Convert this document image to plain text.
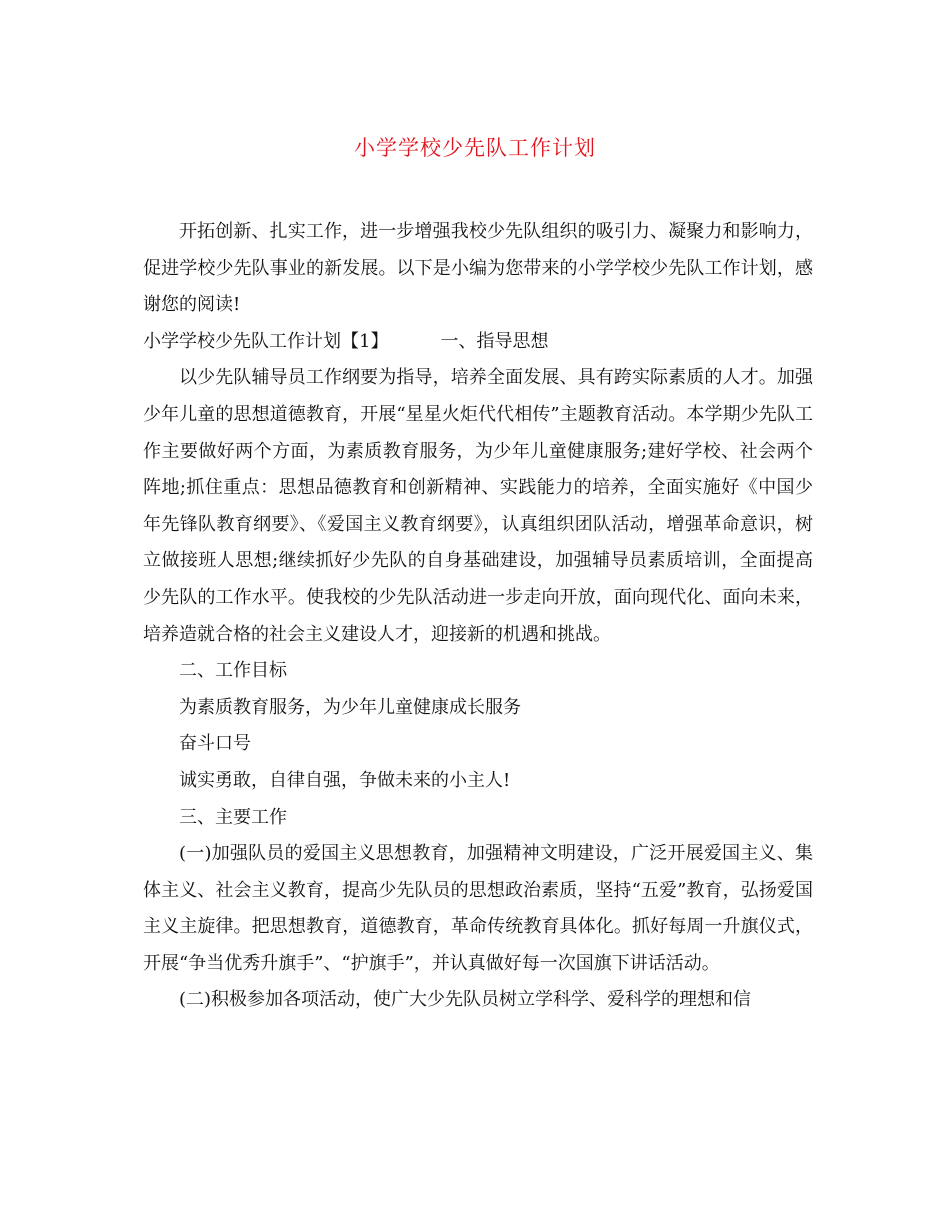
小学学校少先队工作计划

开拓创新、扎实工作，进一步增强我校少先队组织的吸引力、凝聚力和影响力，促进学校少先队事业的新发展。以下是小编为您带来的小学学校少先队工作计划，感谢您的阅读!

小学学校少先队工作计划【1】	一、指导思想

以少先队辅导员工作纲要为指导，培养全面发展、具有跨实际素质的人才。加强少年儿童的思想道德教育，开展“星星火炬代代相传”主题教育活动。本学期少先队工作主要做好两个方面，为素质教育服务，为少年儿童健康服务;建好学校、社会两个阵地;抓住重点：思想品德教育和创新精神、实践能力的培养，全面实施好《中国少年先锋队教育纲要》、《爱国主义教育纲要》，认真组织团队活动，增强革命意识，树立做接班人思想;继续抓好少先队的自身基础建设，加强辅导员素质培训，全面提高少先队的工作水平。使我校的少先队活动进一步走向开放，面向现代化、面向未来，培养造就合格的社会主义建设人才，迎接新的机遇和挑战。

二、工作目标

为素质教育服务，为少年儿童健康成长服务

奋斗口号

诚实勇敢，自律自强，争做未来的小主人!

三、主要工作

(一)加强队员的爱国主义思想教育，加强精神文明建设，广泛开展爱国主义、集体主义、社会主义教育，提高少先队员的思想政治素质，坚持“五爱”教育，弘扬爱国主义主旋律。把思想教育，道德教育，革命传统教育具体化。抓好每周一升旗仪式，开展“争当优秀升旗手”、“护旗手”，并认真做好每一次国旗下讲话活动。

(二)积极参加各项活动，使广大少先队员树立学科学、爱科学的理想和信
